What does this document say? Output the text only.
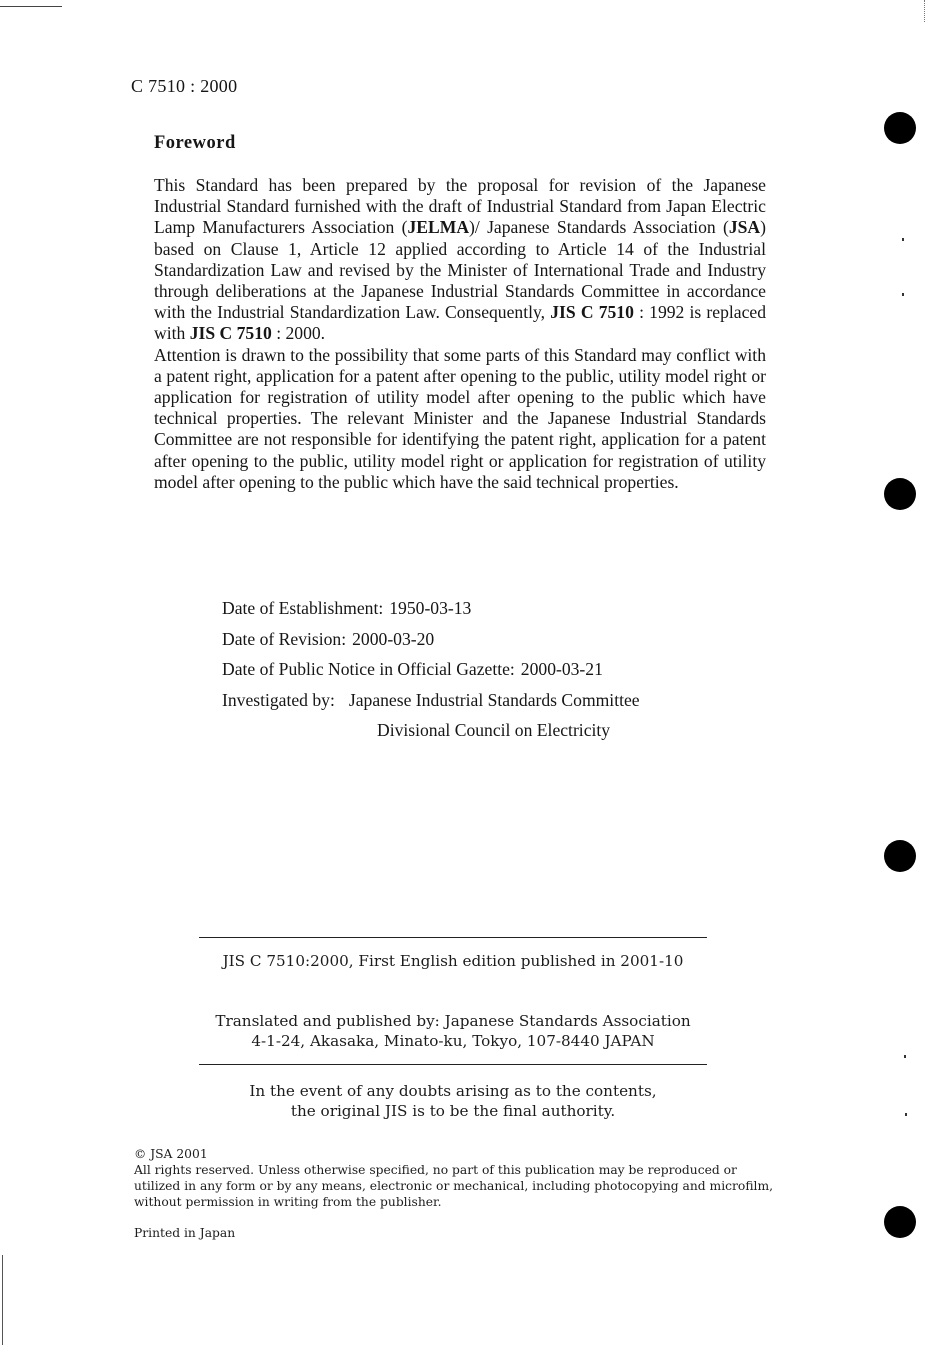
C 7510 : 2000
Foreword

This Standard has been prepared by the proposal for revision of the Japanese Industrial Standard furnished with the draft of Industrial Standard from Japan Electric Lamp Manufacturers Association (JELMA)/ Japanese Standards Association (JSA) based on Clause 1, Article 12 applied according to Article 14 of the Industrial Standardization Law and revised by the Minister of International Trade and Industry through deliberations at the Japanese Industrial Standards Committee in accordance with the Industrial Standardization Law. Consequently, JIS C 7510 : 1992 is replaced with JIS C 7510 : 2000.

Attention is drawn to the possibility that some parts of this Standard may conflict with a patent right, application for a patent after opening to the public, utility model right or application for registration of utility model after opening to the public which have technical properties. The relevant Minister and the Japanese Industrial Standards Committee are not responsible for identifying the patent right, application for a patent after opening to the public, utility model right or application for registration of utility model after opening to the public which have the said technical properties.

Date of Establishment: 1950-03-13
Date of Revision: 2000-03-20
Date of Public Notice in Official Gazette: 2000-03-21
Investigated by: Japanese Industrial Standards Committee
Divisional Council on Electricity
JIS C 7510:2000, First English edition published in 2001-10
Translated and published by: Japanese Standards Association
4-1-24, Akasaka, Minato-ku, Tokyo, 107-8440 JAPAN
In the event of any doubts arising as to the contents,
the original JIS is to be the final authority.

© JSA 2001

All rights reserved. Unless otherwise specified, no part of this publication may be reproduced or utilized in any form or by any means, electronic or mechanical, including photocopying and microfilm, without permission in writing from the publisher.

Printed in Japan
